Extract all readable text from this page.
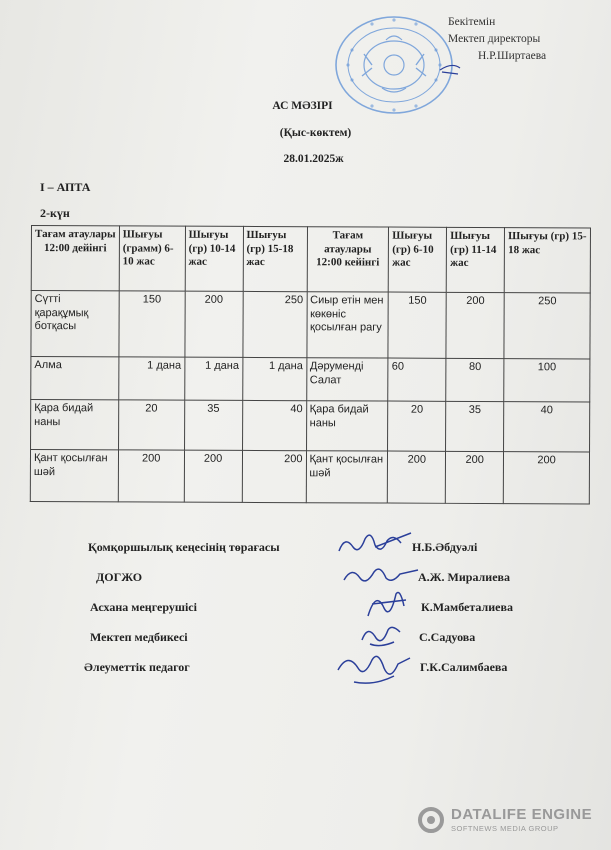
Бекітемін
Мектеп директоры
Н.Р.Ширтаева
АС МӘЗІРІ
(Қыс-көктем)
28.01.2025ж
I – АПТА
2-күн
Тағам атаулары 12:00 дейінгі	Шығуы (грамм) 6-10 жас	Шығуы (гр) 10-14 жас	Шығуы (гр) 15-18 жас	Тағам атаулары 12:00 кейінгі	Шығуы (гр) 6-10 жас	Шығуы (гр) 11-14 жас	Шығуы (гр) 15-18 жас
Сүтті қарақұмық ботқасы	150	200	250	Сиыр етін мен көкөніс қосылған рагу	150	200	250
Алма	1 дана	1 дана	1 дана	Дәрумендi Салат	60	80	100
Қара бидай наны	20	35	40	Қара бидай наны	20	35	40
Қант қосылған шәй	200	200	200	Қант қосылған шәй	200	200	200
Қомқоршылық кеңесінің төрағасы	Н.Б.Әбдуәлі
ДОГЖО	А.Ж. Миралиева
Асхана меңгерушісі	К.Мамбеталиева
Мектеп медбикесі	С.Садуова
Әлеуметтік педагог	Г.К.Салимбаева
DATALIFE ENGINE
SOFTNEWS MEDIA GROUP
